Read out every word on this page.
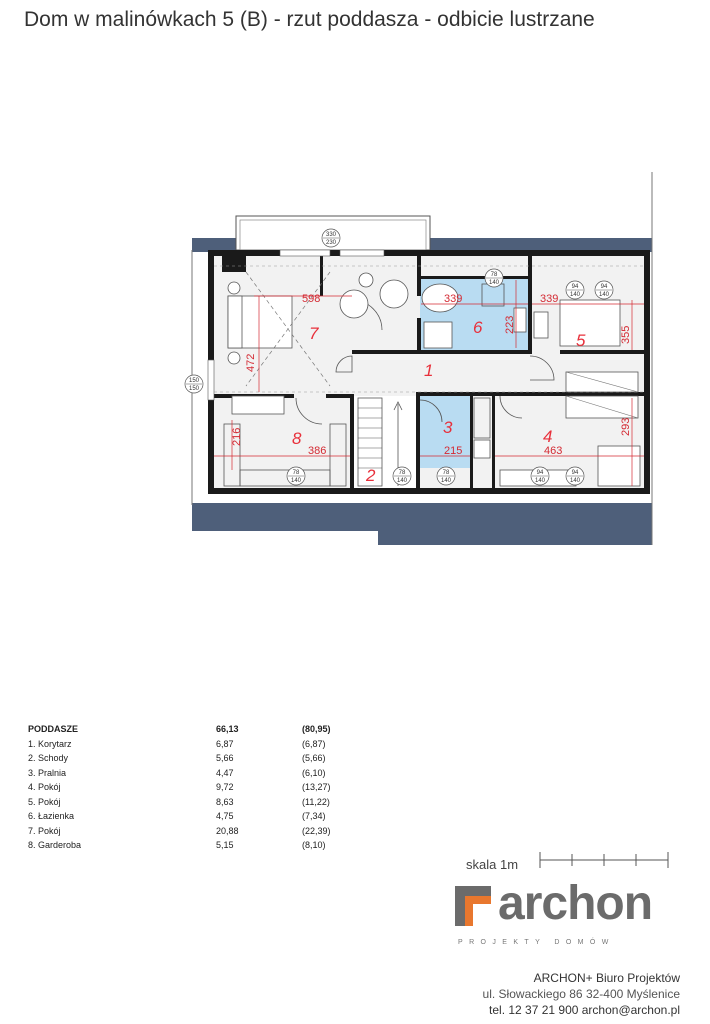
Dom w malinówkach 5 (B) - rzut poddasza - odbicie lustrzane
1
2
3	4
5
6
7
8
598
472
339
223
339
355
293
463
216
386	215
330
230
150
150
78
140
94
140
94
140
78
140
78
140
78
140
94
140
94
140
PODDASZE	66,13	(80,95)
1. Korytarz	6,87	(6,87)
2. Schody	5,66	(5,66)
3. Pralnia	4,47	(6,10)
4. Pokój	9,72	(13,27)
5. Pokój	8,63	(11,22)
6. Łazienka	4,75	(7,34)
7. Pokój	20,88	(22,39)
8. Garderoba	5,15	(8,10)
skala 1m
archon
PROJEKTY DOMÓW
ARCHON+ Biuro Projektów
ul. Słowackiego 86 32-400 Myślenice
tel. 12 37 21 900 archon@archon.pl
